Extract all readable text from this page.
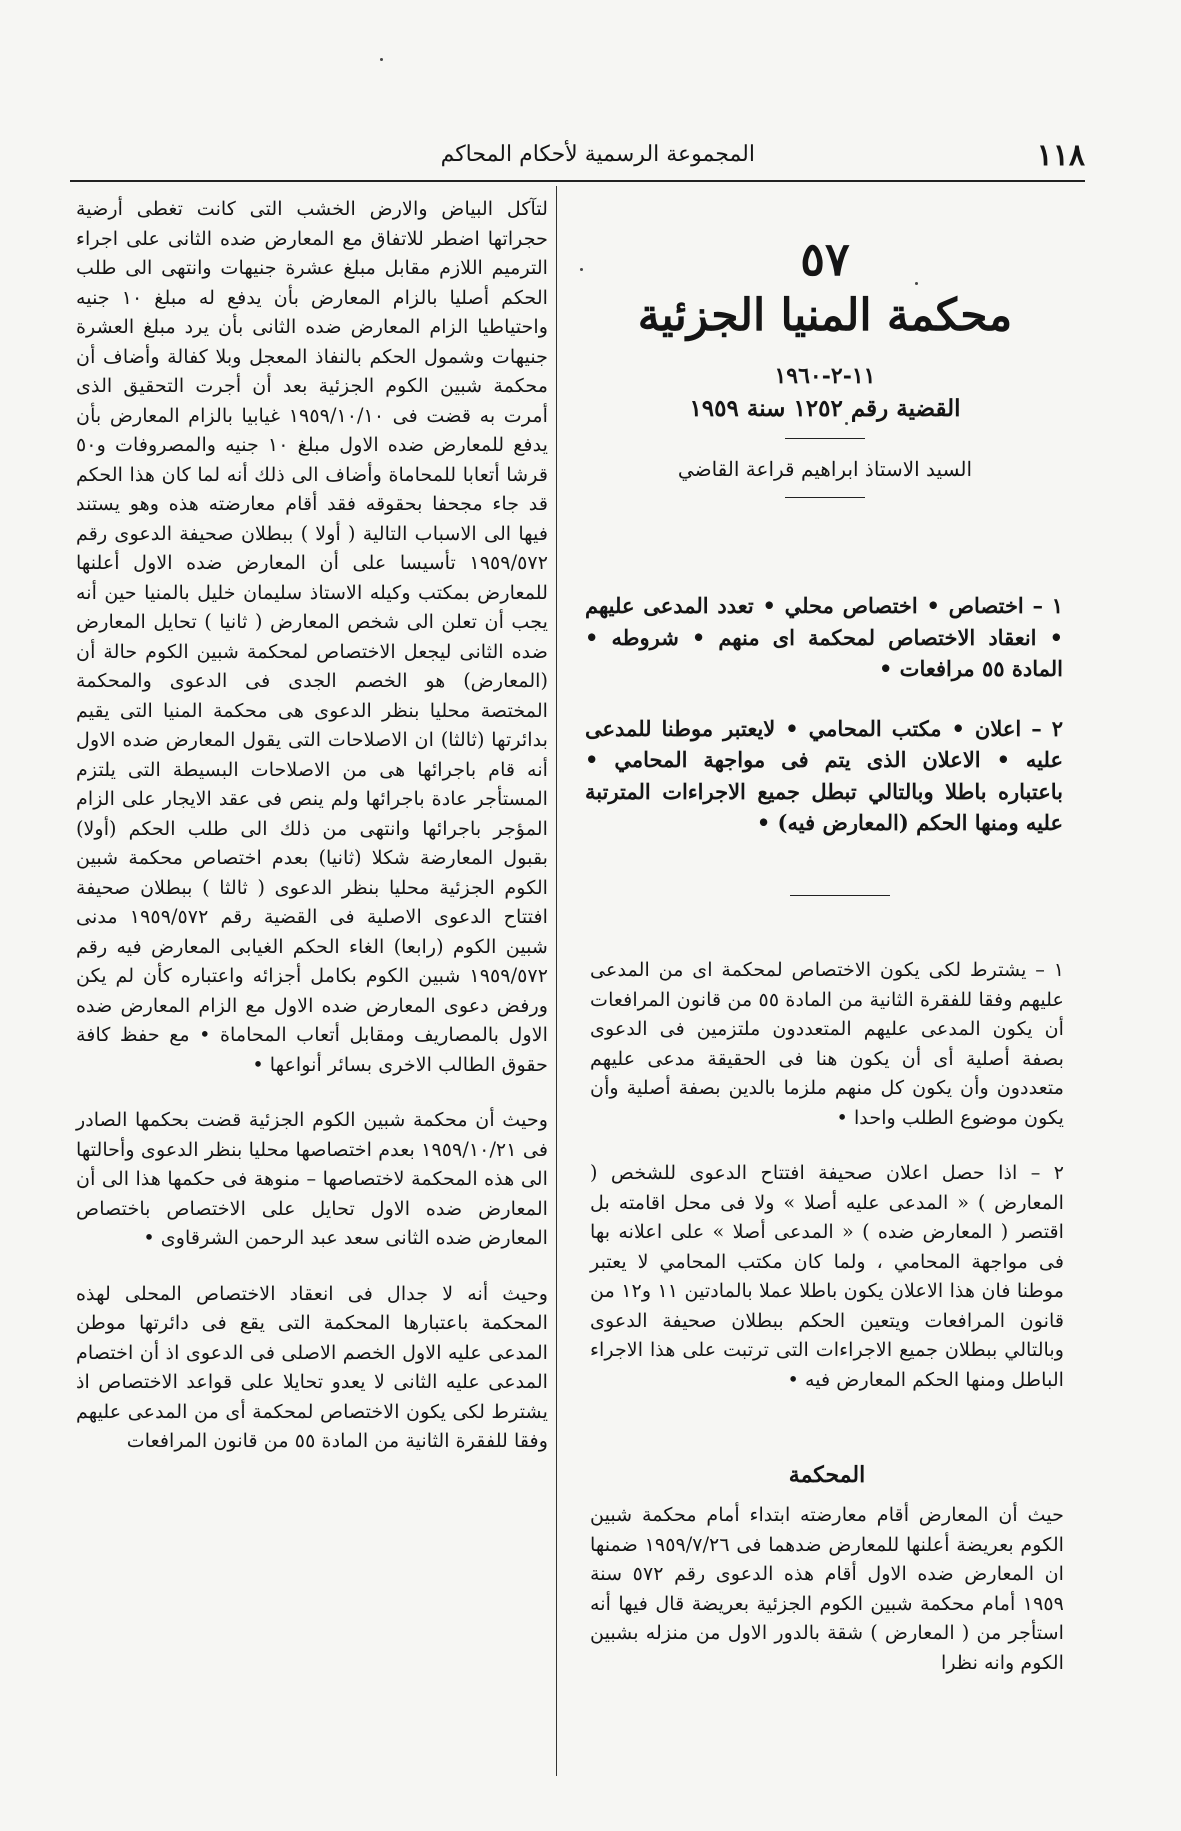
١١٨
المجموعة الرسمية لأحكام المحاكم
٥٧
محكمة المنيا الجزئية
١١-٢-١٩٦٠
القضية رقم ١٢٥٢ سنة ١٩٥٩
السيد الاستاذ ابراهيم قراعة القاضي

١ – اختصاص • اختصاص محلي • تعدد المدعى عليهم • انعقاد الاختصاص لمحكمة اى منهم • شروطه • المادة ٥٥ مرافعات •

٢ – اعلان • مكتب المحامي • لايعتبر موطنا للمدعى عليه • الاعلان الذى يتم فى مواجهة المحامي • باعتباره باطلا وبالتالي تبطل جميع الاجراءات المترتبة عليه ومنها الحكم (المعارض فيه) •

١ – يشترط لكى يكون الاختصاص لمحكمة اى من المدعى عليهم وفقا للفقرة الثانية من المادة ٥٥ من قانون المرافعات أن يكون المدعى عليهم المتعددون ملتزمين فى الدعوى بصفة أصلية أى أن يكون هنا فى الحقيقة مدعى عليهم متعددون وأن يكون كل منهم ملزما بالدين بصفة أصلية وأن يكون موضوع الطلب واحدا •

٢ – اذا حصل اعلان صحيفة افتتاح الدعوى للشخص ( المعارض ) « المدعى عليه أصلا » ولا فى محل اقامته بل اقتصر ( المعارض ضده ) « المدعى أصلا » على اعلانه بها فى مواجهة المحامي ، ولما كان مكتب المحامي لا يعتبر موطنا فان هذا الاعلان يكون باطلا عملا بالمادتين ١١ و١٢ من قانون المرافعات ويتعين الحكم ببطلان صحيفة الدعوى وبالتالي ببطلان جميع الاجراءات التى ترتبت على هذا الاجراء الباطل ومنها الحكم المعارض فيه •

المحكمة

حيث أن المعارض أقام معارضته ابتداء أمام محكمة شبين الكوم بعريضة أعلنها للمعارض ضدهما فى ١٩٥٩/٧/٢٦ ضمنها ان المعارض ضده الاول أقام هذه الدعوى رقم ٥٧٢ سنة ١٩٥٩ أمام محكمة شبين الكوم الجزئية بعريضة قال فيها أنه استأجر من ( المعارض ) شقة بالدور الاول من منزله بشبين الكوم وانه نظرا

لتآكل البياض والارض الخشب التى كانت تغطى أرضية حجراتها اضطر للاتفاق مع المعارض ضده الثانى على اجراء الترميم اللازم مقابل مبلغ عشرة جنيهات وانتهى الى طلب الحكم أصليا بالزام المعارض بأن يدفع له مبلغ ١٠ جنيه واحتياطيا الزام المعارض ضده الثانى بأن يرد مبلغ العشرة جنيهات وشمول الحكم بالنفاذ المعجل وبلا كفالة وأضاف أن محكمة شبين الكوم الجزئية بعد أن أجرت التحقيق الذى أمرت به قضت فى ١٩٥٩/١٠/١٠ غيابيا بالزام المعارض بأن يدفع للمعارض ضده الاول مبلغ ١٠ جنيه والمصروفات و٥٠ قرشا أتعابا للمحاماة وأضاف الى ذلك أنه لما كان هذا الحكم قد جاء مجحفا بحقوقه فقد أقام معارضته هذه وهو يستند فيها الى الاسباب التالية ( أولا ) ببطلان صحيفة الدعوى رقم ١٩٥٩/٥٧٢ تأسيسا على أن المعارض ضده الاول أعلنها للمعارض بمكتب وكيله الاستاذ سليمان خليل بالمنيا حين أنه يجب أن تعلن الى شخص المعارض ( ثانيا ) تحايل المعارض ضده الثانى ليجعل الاختصاص لمحكمة شبين الكوم حالة أن (المعارض) هو الخصم الجدى فى الدعوى والمحكمة المختصة محليا بنظر الدعوى هى محكمة المنيا التى يقيم بدائرتها (ثالثا) ان الاصلاحات التى يقول المعارض ضده الاول أنه قام باجرائها هى من الاصلاحات البسيطة التى يلتزم المستأجر عادة باجرائها ولم ينص فى عقد الايجار على الزام المؤجر باجرائها وانتهى من ذلك الى طلب الحكم (أولا) بقبول المعارضة شكلا (ثانيا) بعدم اختصاص محكمة شبين الكوم الجزئية محليا بنظر الدعوى ( ثالثا ) ببطلان صحيفة افتتاح الدعوى الاصلية فى القضية رقم ١٩٥٩/٥٧٢ مدنى شبين الكوم (رابعا) الغاء الحكم الغيابى المعارض فيه رقم ١٩٥٩/٥٧٢ شبين الكوم بكامل أجزائه واعتباره كأن لم يكن ورفض دعوى المعارض ضده الاول مع الزام المعارض ضده الاول بالمصاريف ومقابل أتعاب المحاماة • مع حفظ كافة حقوق الطالب الاخرى بسائر أنواعها •

وحيث أن محكمة شبين الكوم الجزئية قضت بحكمها الصادر فى ١٩٥٩/١٠/٢١ بعدم اختصاصها محليا بنظر الدعوى وأحالتها الى هذه المحكمة لاختصاصها – منوهة فى حكمها هذا الى أن المعارض ضده الاول تحايل على الاختصاص باختصاص المعارض ضده الثانى سعد عبد الرحمن الشرقاوى •

وحيث أنه لا جدال فى انعقاد الاختصاص المحلى لهذه المحكمة باعتبارها المحكمة التى يقع فى دائرتها موطن المدعى عليه الاول الخصم الاصلى فى الدعوى اذ أن اختصام المدعى عليه الثانى لا يعدو تحايلا على قواعد الاختصاص اذ يشترط لكى يكون الاختصاص لمحكمة أى من المدعى عليهم وفقا للفقرة الثانية من المادة ٥٥ من قانون المرافعات
